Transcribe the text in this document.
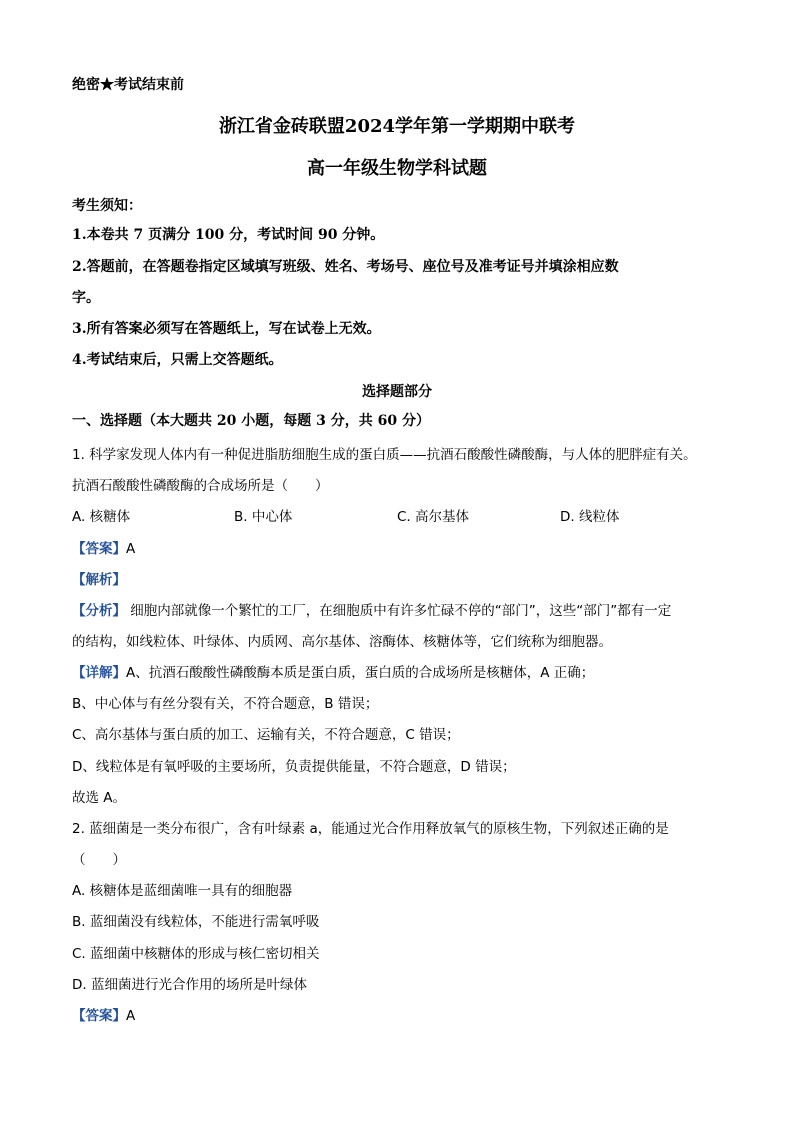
绝密★考试结束前
浙江省金砖联盟2024学年第一学期期中联考
高一年级生物学科试题
考生须知：
1.本卷共 7 页满分 100 分，考试时间 90 分钟。
2.答题前，在答题卷指定区域填写班级、姓名、考场号、座位号及准考证号并填涂相应数
字。
3.所有答案必须写在答题纸上，写在试卷上无效。
4.考试结束后，只需上交答题纸。
选择题部分
一、选择题（本大题共 20 小题，每题 3 分，共 60 分）
1. 科学家发现人体内有一种促进脂肪细胞生成的蛋白质——抗酒石酸酸性磷酸酶，与人体的肥胖症有关。
抗酒石酸酸性磷酸酶的合成场所是（　　）
A. 核糖体	B. 中心体	C. 高尔基体	D. 线粒体
【答案】A
【解析】
【分析】 细胞内部就像一个繁忙的工厂，在细胞质中有许多忙碌不停的“部门”，这些“部门”都有一定
的结构，如线粒体、叶绿体、内质网、高尔基体、溶酶体、核糖体等，它们统称为细胞器。
【详解】A、抗酒石酸酸性磷酸酶本质是蛋白质，蛋白质的合成场所是核糖体，A 正确；
B、中心体与有丝分裂有关，不符合题意，B 错误；
C、高尔基体与蛋白质的加工、运输有关，不符合题意，C 错误；
D、线粒体是有氧呼吸的主要场所，负责提供能量，不符合题意，D 错误；
故选 A。
2. 蓝细菌是一类分布很广，含有叶绿素 a，能通过光合作用释放氧气的原核生物，下列叙述正确的是
（　　）
A. 核糖体是蓝细菌唯一具有的细胞器
B. 蓝细菌没有线粒体，不能进行需氧呼吸
C. 蓝细菌中核糖体的形成与核仁密切相关
D. 蓝细菌进行光合作用的场所是叶绿体
【答案】A
